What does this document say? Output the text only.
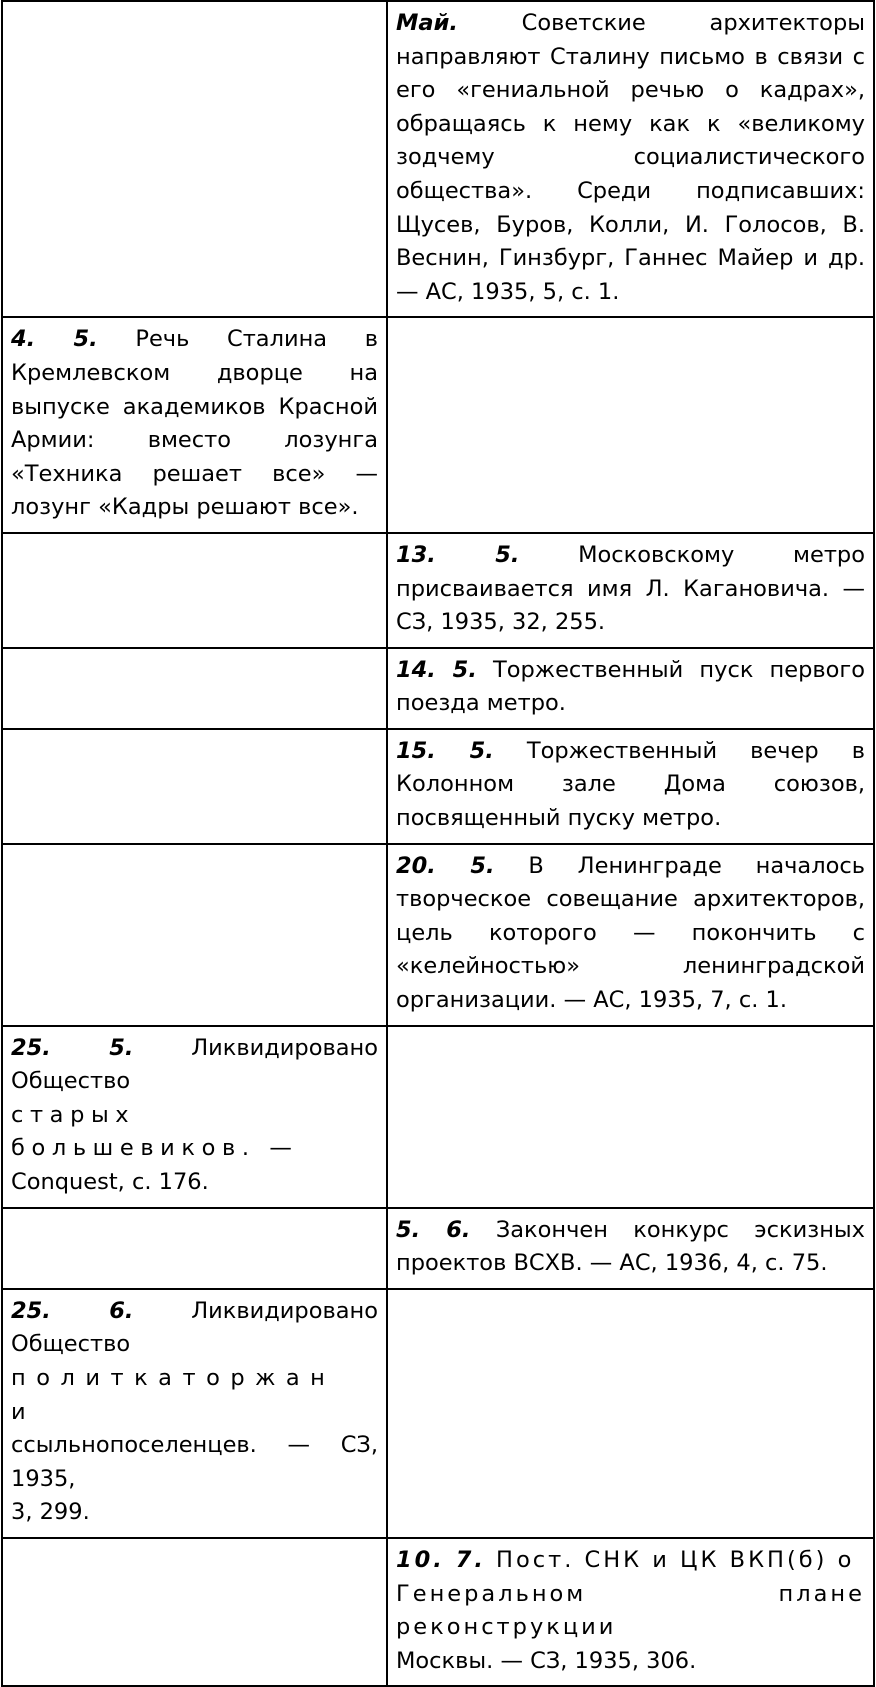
	Май. Советские архитекторы направляют Сталину письмо в связи с его «гениальной речью о кадрах», обращаясь к нему как к «великому зодчему социалистического общества». Среди подписавших: Щусев, Буров, Колли, И. Голосов, В. Веснин, Гинзбург, Ганнес Майер и др. — АС, 1935, 5, с. 1.

4. 5. Речь Сталина в Кремлевском дворце на выпуске академиков Красной Армии: вместо лозунга «Техника решает все» — лозунг «Кадры решают все».	

	13. 5. Московскому метро присваивается имя Л. Кагановича. — СЗ, 1935, 32, 255.

	14. 5. Торжественный пуск первого поезда метро.

	15. 5. Торжественный вечер в Колонном зале Дома союзов, посвященный пуску метро.

	20. 5. В Ленинграде началось творческое совещание архитекторов, цель которого — покончить с «келейностью» ленинградской организации. — АС, 1935, 7, с. 1.

25. 5. Ликвидировано Общество
старых большевиков. —
Conquest, с. 176.	

	5. 6. Закончен конкурс эскизных проектов ВСХВ. — АС, 1936, 4, с. 75.

25. 6. Ликвидировано Общество
политкаторжан и
ссыльнопоселенцев. — СЗ, 1935,
3, 299.	

	10. 7. Пост. СНК и ЦК ВКП(б) о
Генеральном плане реконструкции
Москвы. — СЗ, 1935, 306.
